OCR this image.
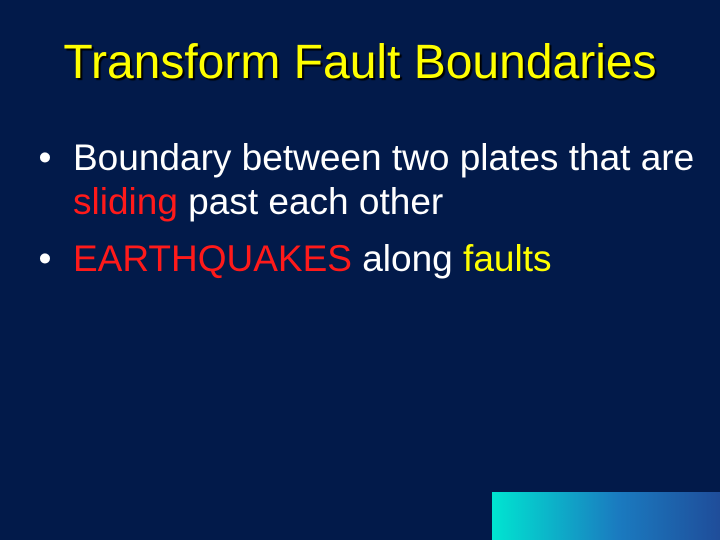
Transform Fault Boundaries
• Boundary between two plates that are sliding past each other
• EARTHQUAKES along faults
